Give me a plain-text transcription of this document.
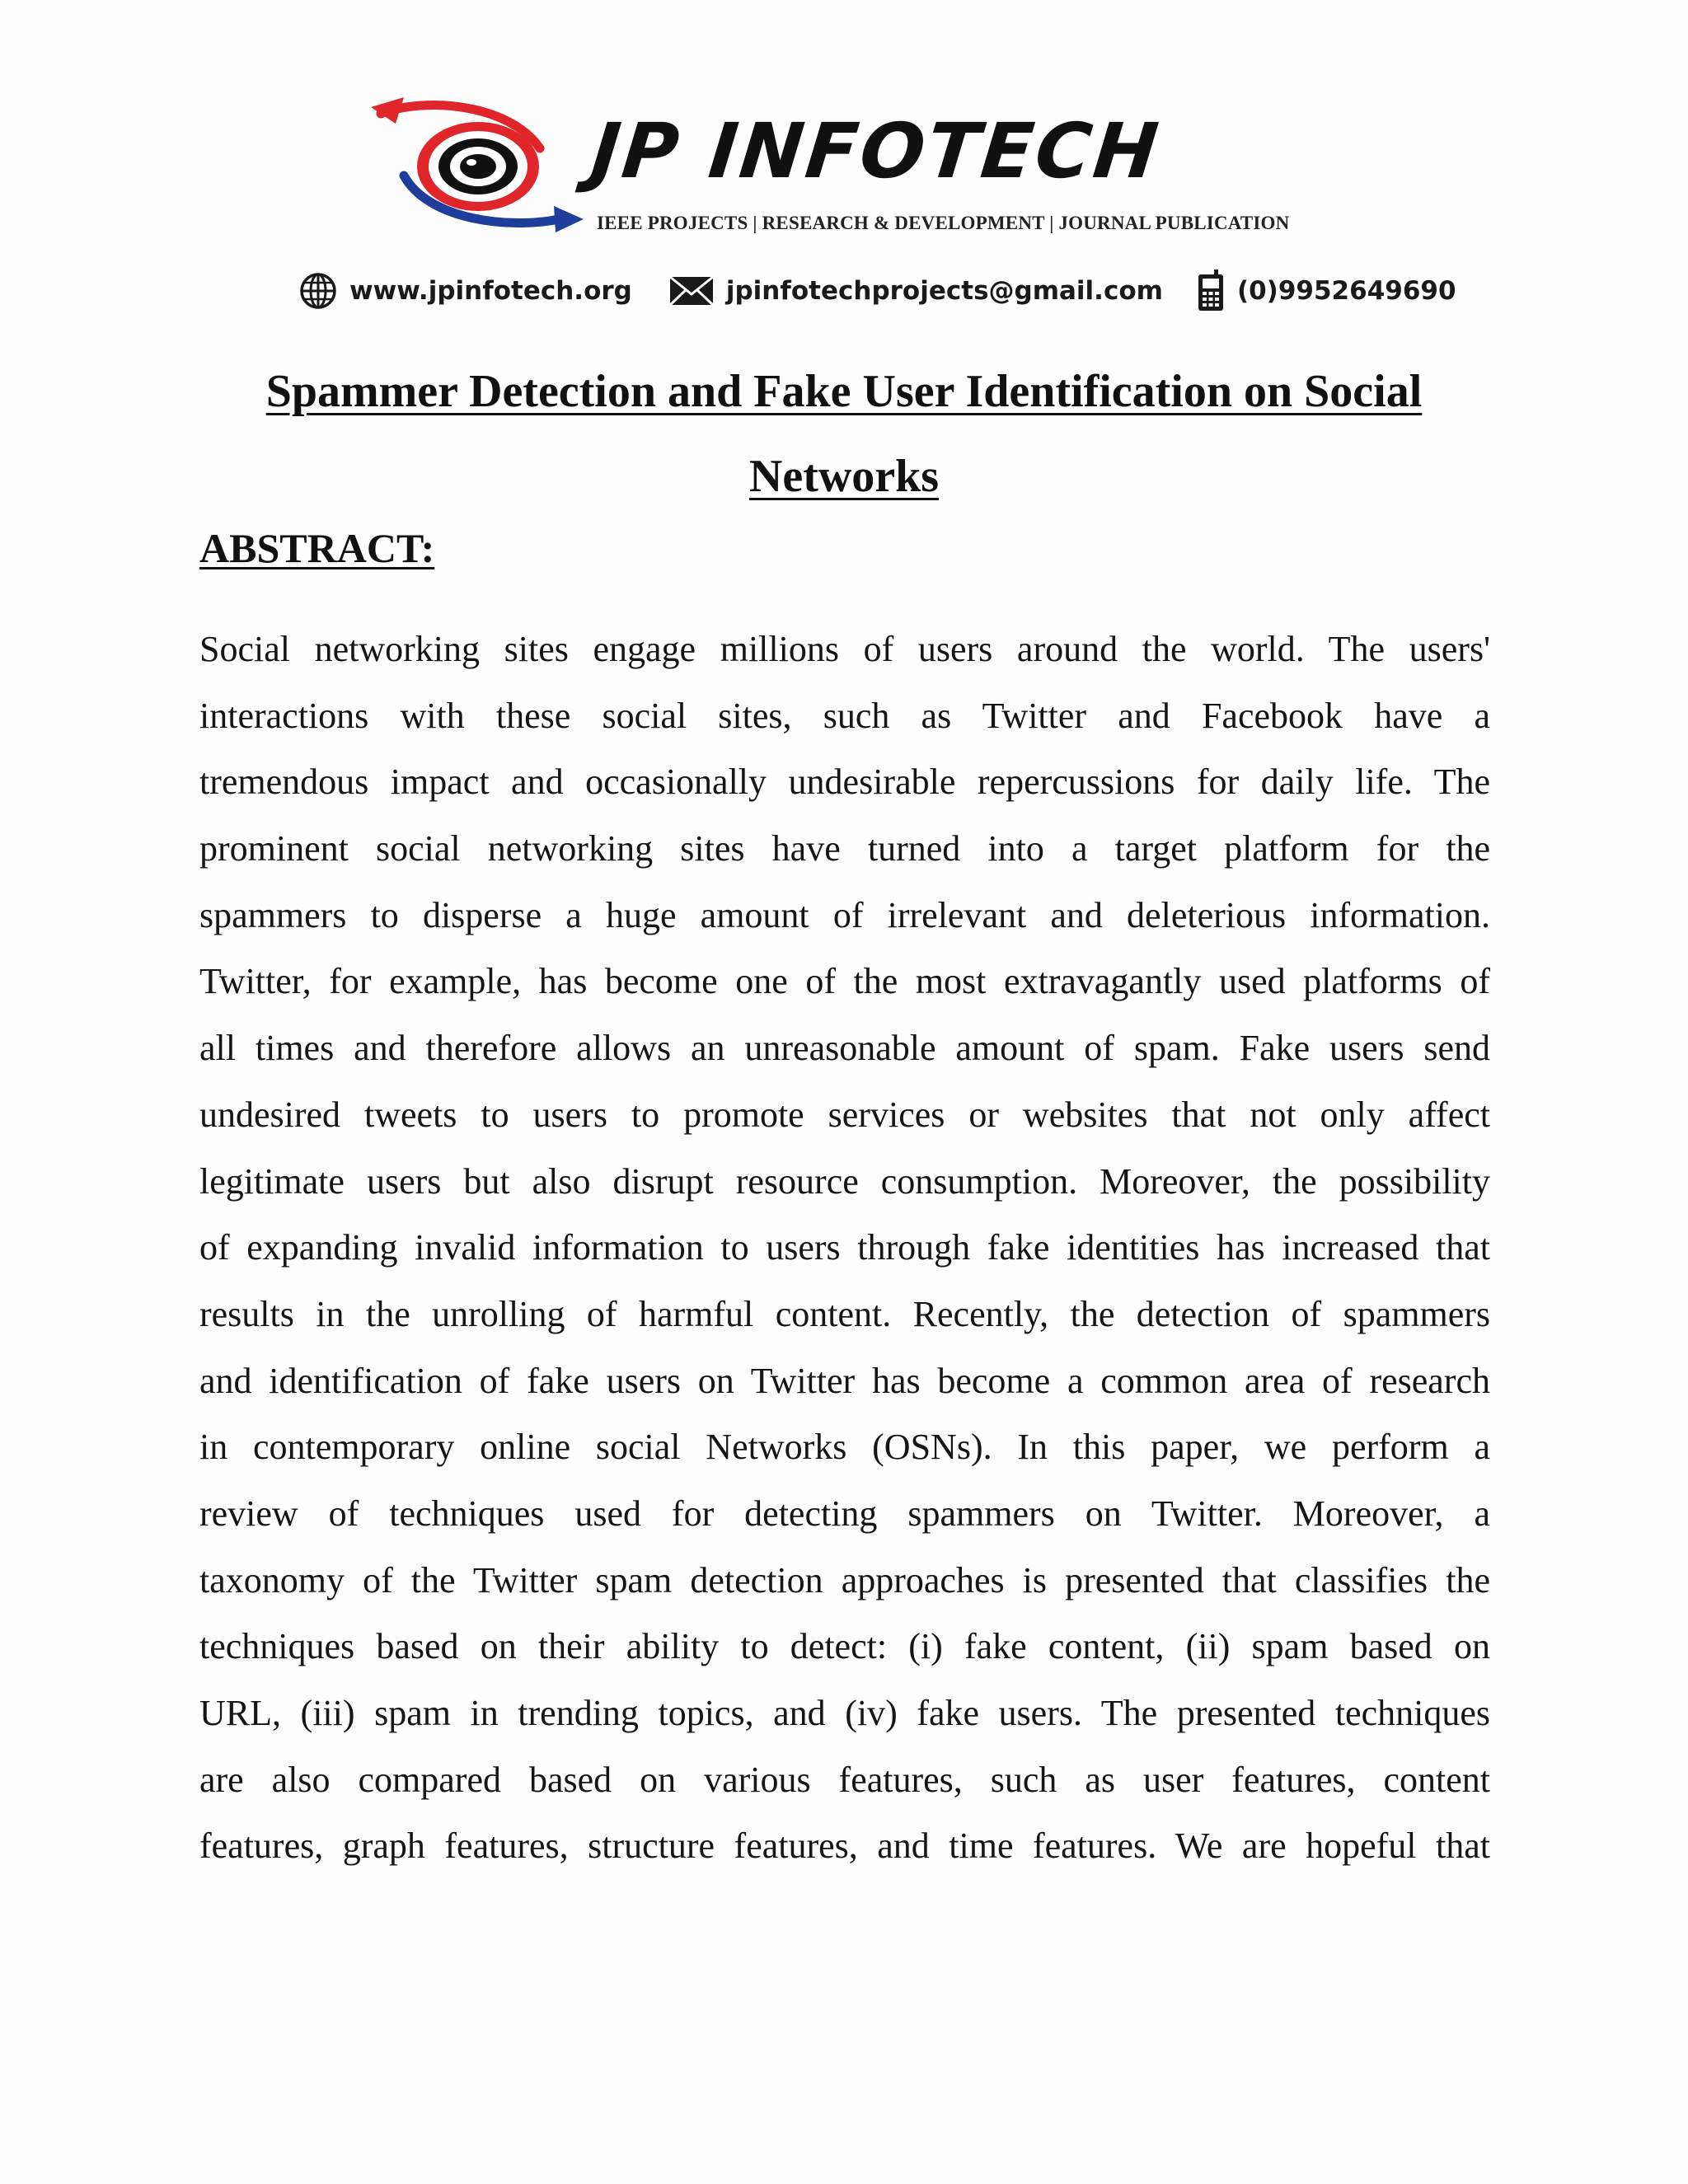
JP INFOTECH
IEEE PROJECTS | RESEARCH & DEVELOPMENT | JOURNAL PUBLICATION
www.jpinfotech.org	jpinfotechprojects@gmail.com	(0)9952649690
Spammer Detection and Fake User Identification on Social Networks
ABSTRACT:
Social networking sites engage millions of users around the world. The users'
interactions with these social sites, such as Twitter and Facebook have a
tremendous impact and occasionally undesirable repercussions for daily life. The
prominent social networking sites have turned into a target platform for the
spammers to disperse a huge amount of irrelevant and deleterious information.
Twitter, for example, has become one of the most extravagantly used platforms of
all times and therefore allows an unreasonable amount of spam. Fake users send
undesired tweets to users to promote services or websites that not only affect
legitimate users but also disrupt resource consumption. Moreover, the possibility
of expanding invalid information to users through fake identities has increased that
results in the unrolling of harmful content. Recently, the detection of spammers
and identification of fake users on Twitter has become a common area of research
in contemporary online social Networks (OSNs). In this paper, we perform a
review of techniques used for detecting spammers on Twitter. Moreover, a
taxonomy of the Twitter spam detection approaches is presented that classifies the
techniques based on their ability to detect: (i) fake content, (ii) spam based on
URL, (iii) spam in trending topics, and (iv) fake users. The presented techniques
are also compared based on various features, such as user features, content
features, graph features, structure features, and time features. We are hopeful that
